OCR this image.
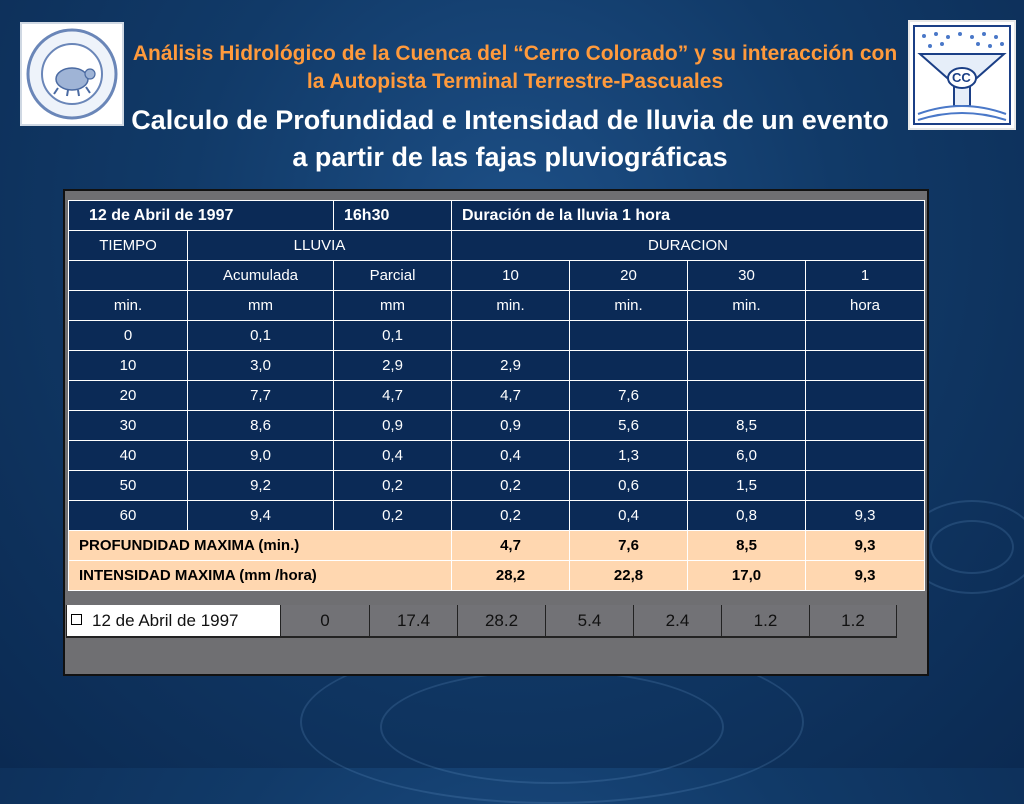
CC
Análisis Hidrológico de la Cuenca del “Cerro Colorado” y su interacción con la Autopista Terminal Terrestre-Pascuales
Calculo de Profundidad e Intensidad de lluvia de un evento a partir de las fajas pluviográficas
12 de Abril de 1997		16h30	Duración de la lluvia 1 hora			
TIEMPO	LLUVIA		DURACION			
	Acumulada	Parcial	10	20	30	1
min.	mm	mm	min.	min.	min.	hora
0	0,1	0,1				
10	3,0	2,9	2,9			
20	7,7	4,7	4,7	7,6		
30	8,6	0,9	0,9	5,6	8,5	
40	9,0	0,4	0,4	1,3	6,0	
50	9,2	0,2	0,2	0,6	1,5	
60	9,4	0,2	0,2	0,4	0,8	9,3
PROFUNDIDAD MAXIMA (min.)			4,7	7,6	8,5	9,3
INTENSIDAD MAXIMA (mm /hora)			28,2	22,8	17,0	9,3
12 de Abril de 1997	0	17.4	28.2	5.4	2.4	1.2	1.2
